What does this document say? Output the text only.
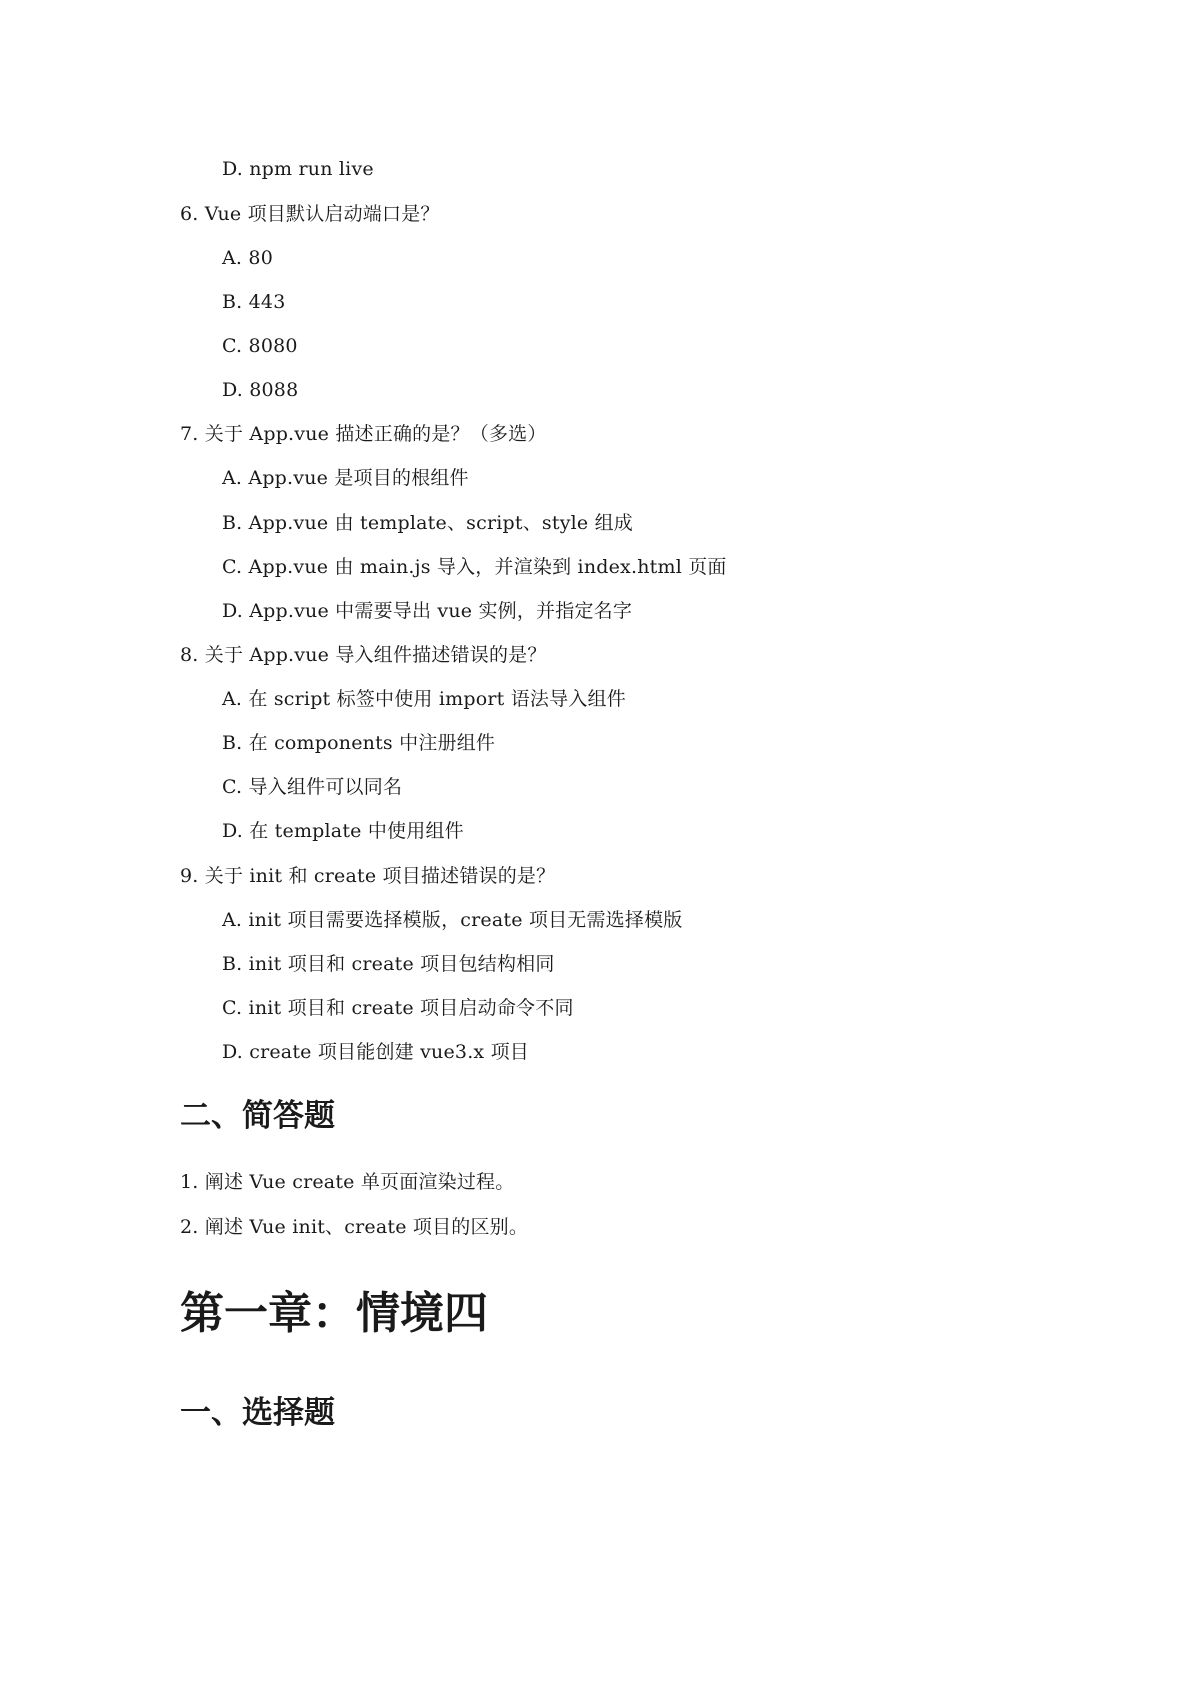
D. npm run live
6. Vue 项目默认启动端口是？
A. 80
B. 443
C. 8080
D. 8088
7. 关于 App.vue 描述正确的是？（多选）
A. App.vue 是项目的根组件
B. App.vue 由 template、script、style 组成
C. App.vue 由 main.js 导入，并渲染到 index.html 页面
D. App.vue 中需要导出 vue 实例，并指定名字
8. 关于 App.vue 导入组件描述错误的是？
A. 在 script 标签中使用 import 语法导入组件
B. 在 components 中注册组件
C. 导入组件可以同名
D. 在 template 中使用组件
9. 关于 init 和 create 项目描述错误的是？
A. init 项目需要选择模版，create 项目无需选择模版
B. init 项目和 create 项目包结构相同
C. init 项目和 create 项目启动命令不同
D. create 项目能创建 vue3.x 项目
二、简答题
1. 阐述 Vue create 单页面渲染过程。
2. 阐述 Vue init、create 项目的区别。
第一章：情境四
一、选择题
